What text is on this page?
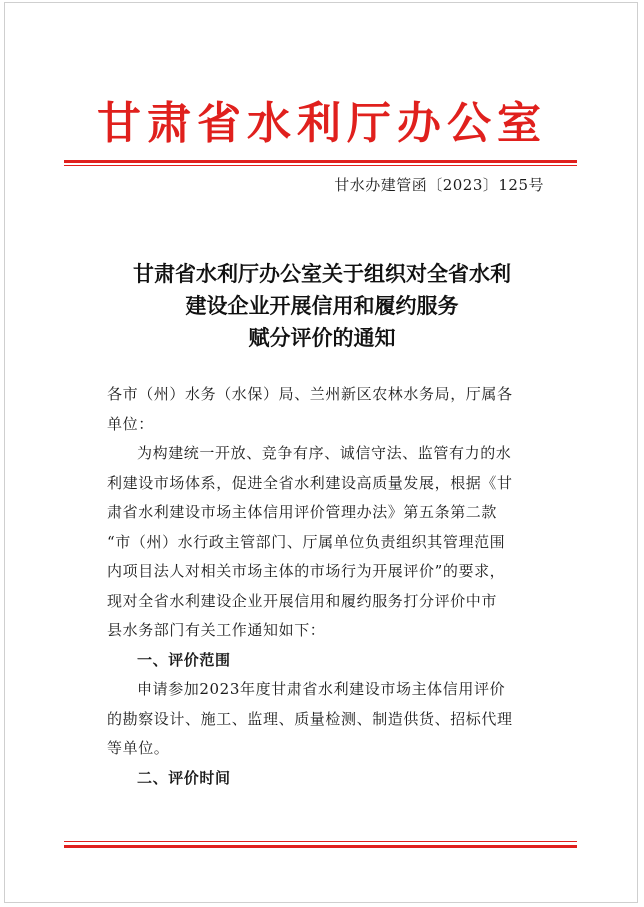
甘肃省水利厅办公室
甘水办建管函〔2023〕125号
甘肃省水利厅办公室关于组织对全省水利
建设企业开展信用和履约服务
赋分评价的通知
各市（州）水务（水保）局、兰州新区农林水务局，厅属各
单位：
为构建统一开放、竞争有序、诚信守法、监管有力的水
利建设市场体系，促进全省水利建设高质量发展，根据《甘
肃省水利建设市场主体信用评价管理办法》第五条第二款
“市（州）水行政主管部门、厅属单位负责组织其管理范围
内项目法人对相关市场主体的市场行为开展评价”的要求，
现对全省水利建设企业开展信用和履约服务打分评价中市
县水务部门有关工作通知如下：
一、评价范围
申请参加2023年度甘肃省水利建设市场主体信用评价
的勘察设计、施工、监理、质量检测、制造供货、招标代理
等单位。
二、评价时间
